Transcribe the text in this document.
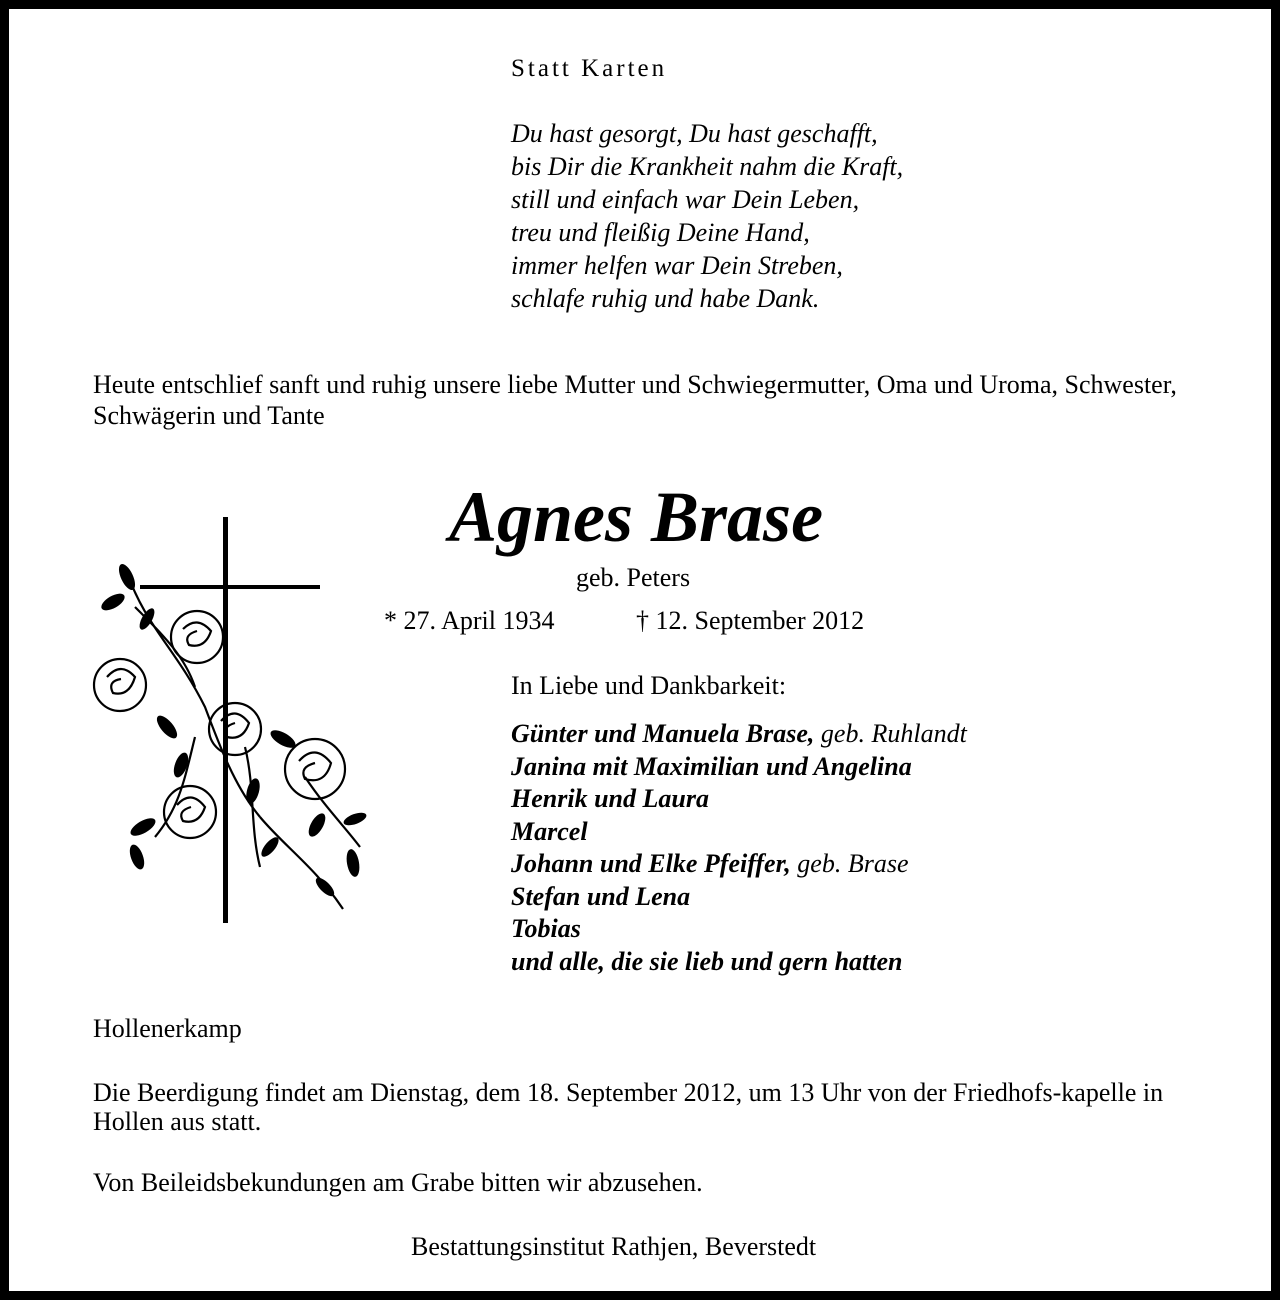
Statt Karten
Du hast gesorgt, Du hast geschafft,
bis Dir die Krankheit nahm die Kraft,
still und einfach war Dein Leben,
treu und fleißig Deine Hand,
immer helfen war Dein Streben,
schlafe ruhig und habe Dank.
Heute entschlief sanft und ruhig unsere liebe Mutter und Schwiegermutter, Oma und Uroma, Schwester, Schwägerin und Tante
Agnes Brase
geb. Peters
* 27. April 1934	† 12. September 2012
In Liebe und Dankbarkeit:
Günter und Manuela Brase, geb. Ruhlandt
Janina mit Maximilian und Angelina
Henrik und Laura
Marcel
Johann und Elke Pfeiffer, geb. Brase
Stefan und Lena
Tobias
und alle, die sie lieb und gern hatten
Hollenerkamp
Die Beerdigung findet am Dienstag, dem 18. September 2012, um 13 Uhr von der Friedhofs-kapelle in Hollen aus statt.
Von Beileidsbekundungen am Grabe bitten wir abzusehen.
Bestattungsinstitut Rathjen, Beverstedt
